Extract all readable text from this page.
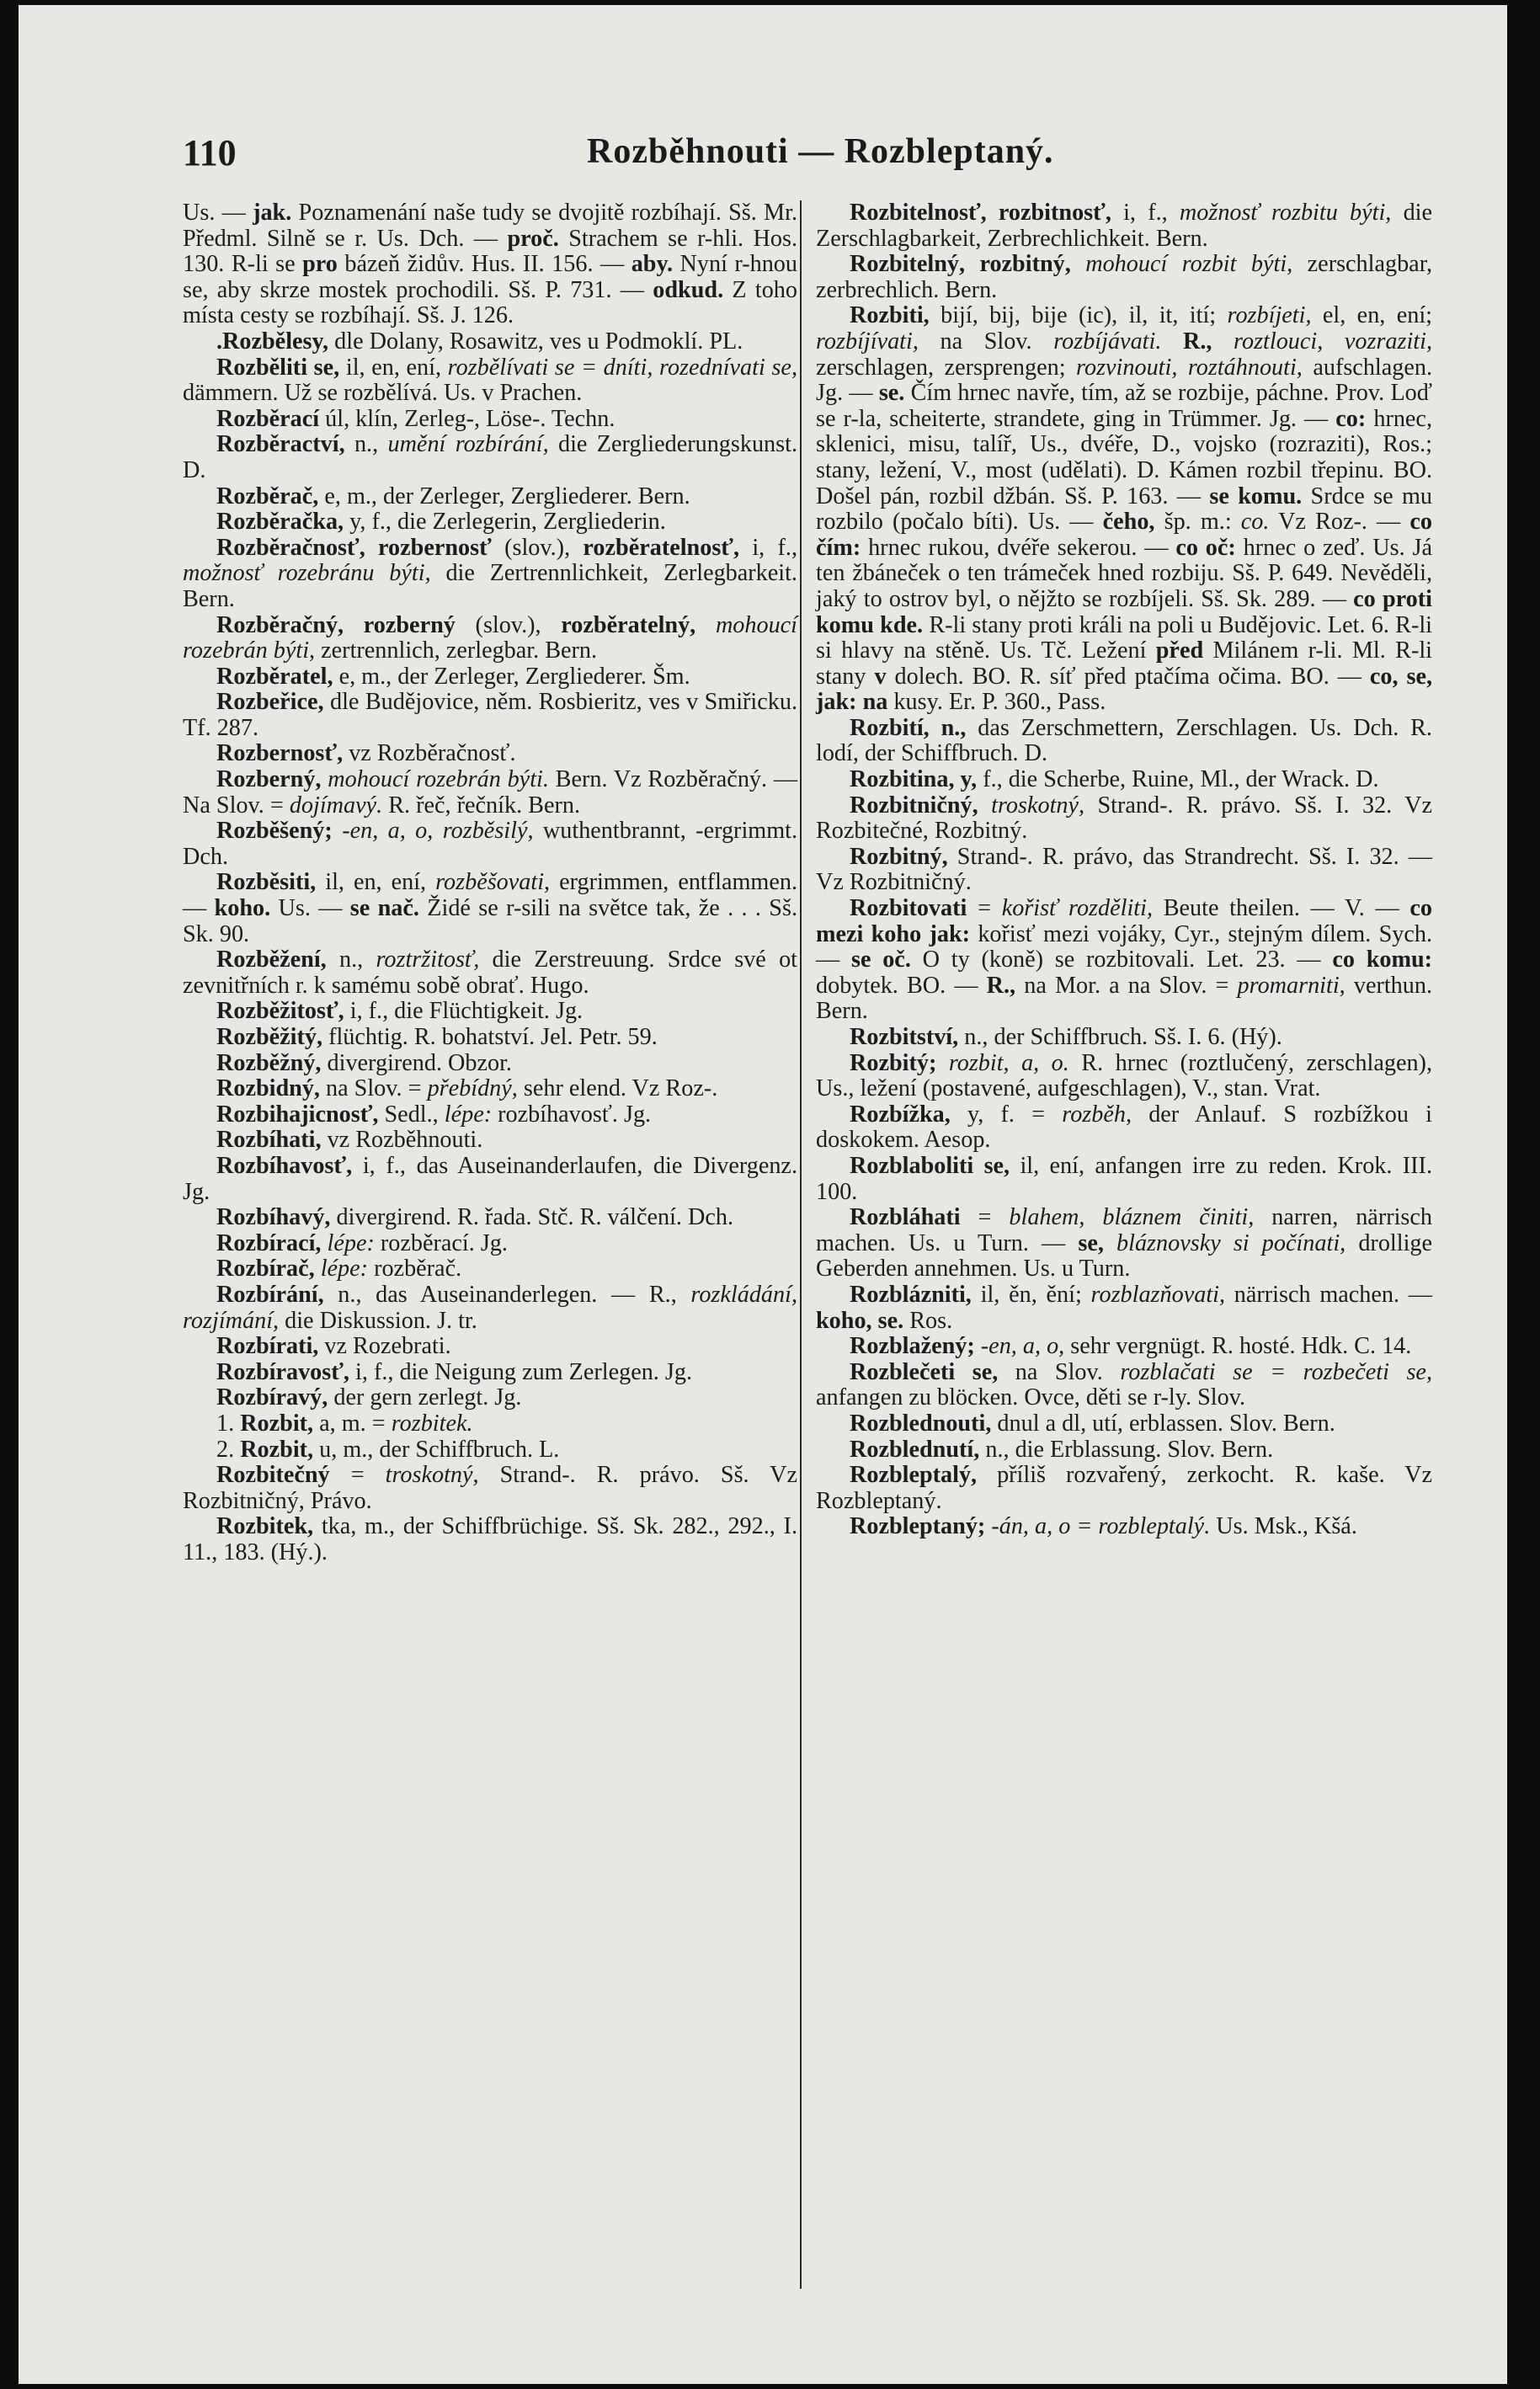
110	Rozběhnouti — Rozbleptaný.

Us. — jak. Poznamenání naše tudy se dvojitě rozbíhají. Sš. Mr. Předml. Silně se r. Us. Dch. — proč. Strachem se r-hli. Hos. 130. R-li se pro bázeň židův. Hus. II. 156. — aby. Nyní r-hnou se, aby skrze mostek prochodili. Sš. P. 731. — odkud. Z toho místa cesty se rozbíhají. Sš. J. 126.

.Rozbělesy, dle Dolany, Rosawitz, ves u Podmoklí. PL.

Rozběliti se, il, en, ení, rozbělívati se = dníti, rozednívati se, dämmern. Už se rozbělívá. Us. v Prachen.

Rozběrací úl, klín, Zerleg-, Löse-. Techn.

Rozběractví, n., umění rozbírání, die Zergliederungskunst. D.

Rozběrač, e, m., der Zerleger, Zergliederer. Bern.

Rozběračka, y, f., die Zerlegerin, Zergliederin.

Rozběračnosť, rozbernosť (slov.), rozběratelnosť, i, f., možnosť rozebránu býti, die Zertrennlichkeit, Zerlegbarkeit. Bern.

Rozběračný, rozberný (slov.), rozběratelný, mohoucí rozebrán býti, zertrennlich, zerlegbar. Bern.

Rozběratel, e, m., der Zerleger, Zergliederer. Šm.

Rozbeřice, dle Budějovice, něm. Rosbieritz, ves v Smiřicku. Tf. 287.

Rozbernosť, vz Rozběračnosť.

Rozberný, mohoucí rozebrán býti. Bern. Vz Rozběračný. — Na Slov. = dojímavý. R. řeč, řečník. Bern.

Rozběšený; -en, a, o, rozběsilý, wuthentbrannt, -ergrimmt. Dch.

Rozběsiti, il, en, ení, rozběšovati, ergrimmen, entflammen. — koho. Us. — se nač. Židé se r-sili na světce tak, že . . . Sš. Sk. 90.

Rozběžení, n., roztržitosť, die Zerstreuung. Srdce své ot zevnitřních r. k samému sobě obrať. Hugo.

Rozběžitosť, i, f., die Flüchtigkeit. Jg.

Rozběžitý, flüchtig. R. bohatství. Jel. Petr. 59.

Rozběžný, divergirend. Obzor.

Rozbidný, na Slov. = přebídný, sehr elend. Vz Roz-.

Rozbihajicnosť, Sedl., lépe: rozbíhavosť. Jg.

Rozbíhati, vz Rozběhnouti.

Rozbíhavosť, i, f., das Auseinanderlaufen, die Divergenz. Jg.

Rozbíhavý, divergirend. R. řada. Stč. R. válčení. Dch.

Rozbírací, lépe: rozběrací. Jg.

Rozbírač, lépe: rozběrač.

Rozbírání, n., das Auseinanderlegen. — R., rozkládání, rozjímání, die Diskussion. J. tr.

Rozbírati, vz Rozebrati.

Rozbíravosť, i, f., die Neigung zum Zerlegen. Jg.

Rozbíravý, der gern zerlegt. Jg.

1. Rozbit, a, m. = rozbitek.

2. Rozbit, u, m., der Schiffbruch. L.

Rozbitečný = troskotný, Strand-. R. právo. Sš. Vz Rozbitničný, Právo.

Rozbitek, tka, m., der Schiffbrüchige. Sš. Sk. 282., 292., I. 11., 183. (Hý.).

Rozbitelnosť, rozbitnosť, i, f., možnosť rozbitu býti, die Zerschlagbarkeit, Zerbrechlichkeit. Bern.

Rozbitelný, rozbitný, mohoucí rozbit býti, zerschlagbar, zerbrechlich. Bern.

Rozbiti, bijí, bij, bije (ic), il, it, ití; rozbíjeti, el, en, ení; rozbíjívati, na Slov. rozbíjávati. R., roztlouci, vozraziti, zerschlagen, zersprengen; rozvinouti, roztáhnouti, aufschlagen. Jg. — se. Čím hrnec navře, tím, až se rozbije, páchne. Prov. Loď se r-la, scheiterte, strandete, ging in Trümmer. Jg. — co: hrnec, sklenici, misu, talíř, Us., dvéře, D., vojsko (rozraziti), Ros.; stany, ležení, V., most (udělati). D. Kámen rozbil třepinu. BO. Došel pán, rozbil džbán. Sš. P. 163. — se komu. Srdce se mu rozbilo (počalo bíti). Us. — čeho, šp. m.: co. Vz Roz-. — co čím: hrnec rukou, dvéře sekerou. — co oč: hrnec o zeď. Us. Já ten žbáneček o ten trámeček hned rozbiju. Sš. P. 649. Nevěděli, jaký to ostrov byl, o nějžto se rozbíjeli. Sš. Sk. 289. — co proti komu kde. R-li stany proti králi na poli u Budějovic. Let. 6. R-li si hlavy na stěně. Us. Tč. Ležení před Milánem r-li. Ml. R-li stany v dolech. BO. R. síť před ptačíma očima. BO. — co, se, jak: na kusy. Er. P. 360., Pass.

Rozbití, n., das Zerschmettern, Zerschlagen. Us. Dch. R. lodí, der Schiffbruch. D.

Rozbitina, y, f., die Scherbe, Ruine, Ml., der Wrack. D.

Rozbitničný, troskotný, Strand-. R. právo. Sš. I. 32. Vz Rozbitečné, Rozbitný.

Rozbitný, Strand-. R. právo, das Strandrecht. Sš. I. 32. — Vz Rozbitničný.

Rozbitovati = kořisť rozděliti, Beute theilen. — V. — co mezi koho jak: kořisť mezi vojáky, Cyr., stejným dílem. Sych. — se oč. O ty (koně) se rozbitovali. Let. 23. — co komu: dobytek. BO. — R., na Mor. a na Slov. = promarniti, verthun. Bern.

Rozbitství, n., der Schiffbruch. Sš. I. 6. (Hý).

Rozbitý; rozbit, a, o. R. hrnec (roztlučený, zerschlagen), Us., ležení (postavené, aufgeschlagen), V., stan. Vrat.

Rozbížka, y, f. = rozběh, der Anlauf. S rozbížkou i doskokem. Aesop.

Rozblaboliti se, il, ení, anfangen irre zu reden. Krok. III. 100.

Rozbláhati = blahem, bláznem činiti, narren, närrisch machen. Us. u Turn. — se, bláznovsky si počínati, drollige Geberden annehmen. Us. u Turn.

Rozblázniti, il, ěn, ění; rozblazňovati, närrisch machen. — koho, se. Ros.

Rozblažený; -en, a, o, sehr vergnügt. R. hosté. Hdk. C. 14.

Rozblečeti se, na Slov. rozblačati se = rozbečeti se, anfangen zu blöcken. Ovce, děti se r-ly. Slov.

Rozblednouti, dnul a dl, utí, erblassen. Slov. Bern.

Rozblednutí, n., die Erblassung. Slov. Bern.

Rozbleptalý, příliš rozvařený, zerkocht. R. kaše. Vz Rozbleptaný.

Rozbleptaný; -án, a, o = rozbleptalý. Us. Msk., Kšá.
